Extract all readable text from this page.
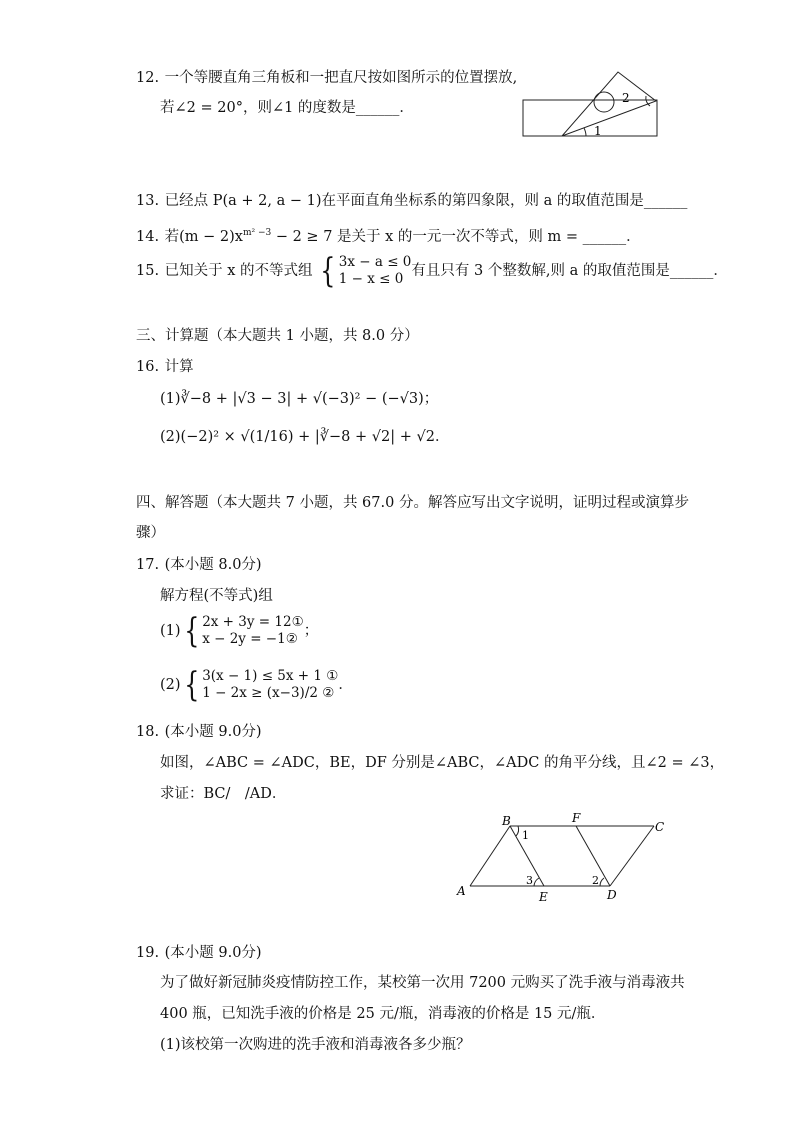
12. 一个等腰直角三角板和一把直尺按如图所示的位置摆放,
若∠2 = 20°，则∠1 的度数是______．
2
1
13. 已经点 P(a + 2, a − 1)在平面直角坐标系的第四象限，则 a 的取值范围是______
14. 若$(m - 2)x^{m^2 -3} - 2 \ge 7$ 是关于 x 的一元一次不等式，则 m = ______．
15. 已知关于 x 的不等式组 { 3x − a ≤ 0
1 − x ≤ 0 有且只有 3 个整数解,则 a 的取值范围是______．
三、计算题（本大题共 1 小题，共 8.0 分）
16. 计算
(1)∛−8 + |√3 − 3| + √(−3)² − (−√3)；
(2)(−2)² × √(1/16) + |∛−8 + √2| + √2．
四、解答题（本大题共 7 小题，共 67.0 分。解答应写出文字说明，证明过程或演算步
骤）
17. (本小题 8.0分)
解方程(不等式)组
(1){ 2x + 3y = 12①
x − 2y = −1② ；
(2){ 3(x − 1) ≤ 5x + 1 ①
1 − 2x ≥ (x−3)/2 ② ．
18. (本小题 9.0分)
如图，∠ABC = ∠ADC，BE，DF 分别是∠ABC，∠ADC 的角平分线，且∠2 = ∠3，
求证：BC/　/AD．
B	F
C
A	E	D
1
2
3
19. (本小题 9.0分)
为了做好新冠肺炎疫情防控工作，某校第一次用 7200 元购买了洗手液与消毒液共
400 瓶，已知洗手液的价格是 25 元/瓶，消毒液的价格是 15 元/瓶．
(1)该校第一次购进的洗手液和消毒液各多少瓶？
